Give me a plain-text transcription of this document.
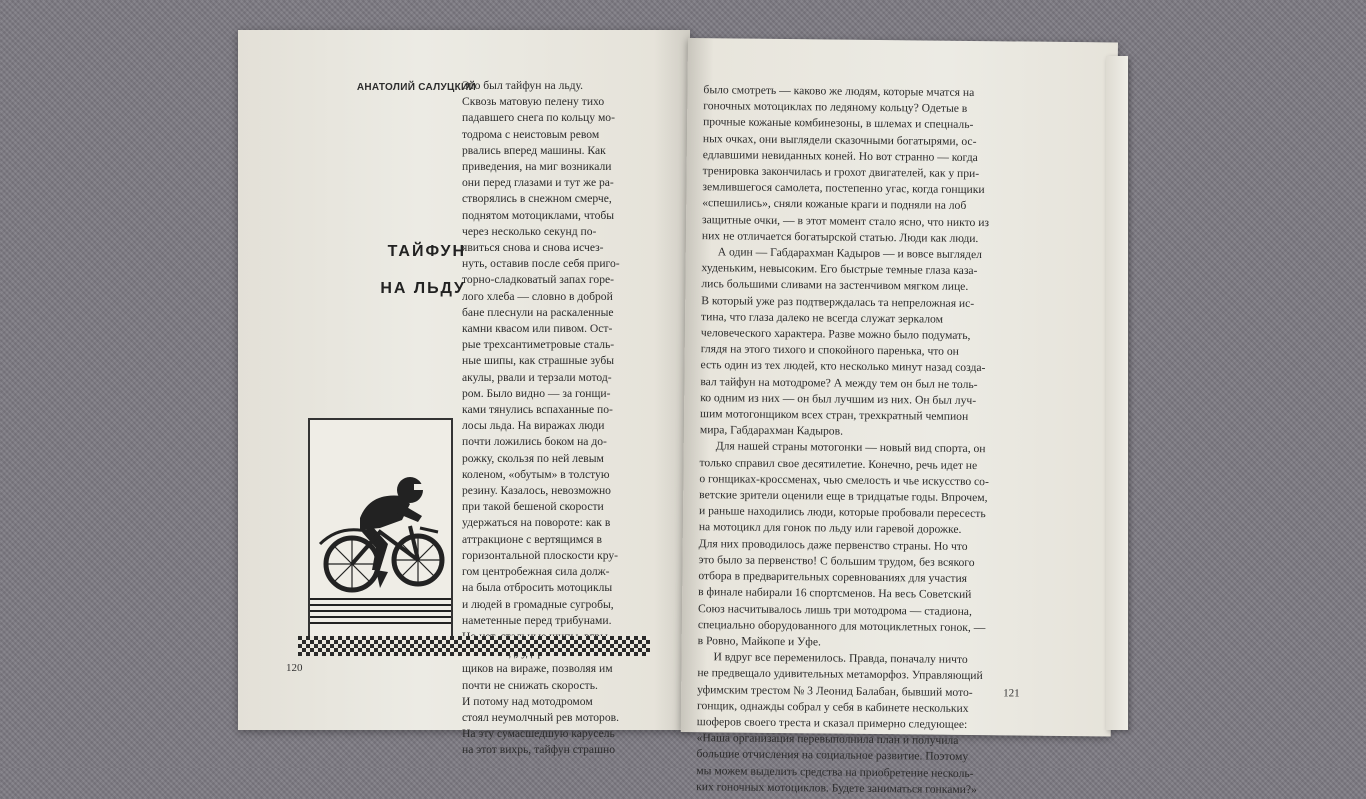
АНАТОЛИЙ САЛУЦКИЙ
ТАЙФУН
НА ЛЬДУ
Это был тайфун на льду.
Сквозь матовую пелену тихо
падавшего снега по кольцу мо-
тодрома с неистовым ревом
рвались вперед машины. Как
приведения, на миг возникали
они перед глазами и тут же ра-
створялись в снежном смерче,
поднятом мотоциклами, чтобы
через несколько секунд по-
явиться снова и снова исчез-
нуть, оставив после себя приго-
торно-сладковатый запах горе-
лого хлеба — словно в доброй
бане плеснули на раскаленные
камни квасом или пивом. Ост-
рые трехсантиметровые сталь-
ные шипы, как страшные зубы
акулы, рвали и терзали мотод-
ром. Было видно — за гонщи-
ками тянулись вспаханные по-
лосы льда. На виражах люди
почти ложились боком на до-
рожку, скользя по ней левым
коленом, «обутым» в толстую
резину. Казалось, невозможно
при такой бешеной скорости
удержаться на повороте: как в
аттракционе с вертящимся в
горизонтальной плоскости кру-
гом центробежная сила долж-
на была отбросить мотоциклы
и людей в громадные сугробы,
наметенные перед трибунами.
щиков на вираже, позволяя им
почти не снижать скорость.
И потому над мотодромом
стоял неумолчный рев моторов.
На эту сумасшедшую карусель
на этот вихрь, тайфун страшно
120
было смотреть — каково же людям, которые мчатся на
гоночных мотоциклах по ледяному кольцу? Одетые в
прочные кожаные комбинезоны, в шлемах и спецналь-
ных очках, они выглядели сказочными богатырями, ос-
едлавшими невиданных коней. Но вот странно — когда
тренировка закончилась и грохот двигателей, как у при-
землившегося самолета, постепенно угас, когда гонщики
«спешились», сняли кожаные краги и подняли на лоб
защитные очки, — в этот момент стало ясно, что никто из
них не отличается богатырской статью. Люди как люди.
А один — Габдарахман Кадыров — и вовсе выглядел
худеньким, невысоким. Его быстрые темные глаза каза-
лись большими сливами на застенчивом мягком лице.
В который уже раз подтверждалась та непреложная ис-
тина, что глаза далеко не всегда служат зеркалом
человеческого характера. Разве можно было подумать,
глядя на этого тихого и спокойного паренька, что он
есть один из тех людей, кто несколько минут назад созда-
вал тайфун на мотодроме? А между тем он был не толь-
ко одним из них — он был лучшим из них. Он был луч-
шим мотогонщиком всех стран, трехкратный чемпион
мира, Габдарахман Кадыров.
Для нашей страны мотогонки — новый вид спорта, он
только справил свое десятилетие. Конечно, речь идет не
о гонщиках-кроссменах, чью смелость и чье искусство со-
ветские зрители оценили еще в тридцатые годы. Впрочем,
и раньше находились люди, которые пробовали пересесть
на мотоцикл для гонок по льду или гаревой дорожке.
Для них проводилось даже первенство страны. Но что
это было за первенство! С большим трудом, без всякого
отбора в предварительных соревнованиях для участия
в финале набирали 16 спортсменов. На весь Советский
Союз насчитывалось лишь три мотодрома — стадиона,
специально оборудованного для мотоциклетных гонок, —
в Ровно, Майкопе и Уфе.
И вдруг все переменилось. Правда, поначалу ничто
не предвещало удивительных метаморфоз. Управляющий
уфимским трестом № 3 Леонид Балабан, бывший мото-
гонщик, однажды собрал у себя в кабинете нескольких
шоферов своего треста и сказал примерно следующее:
«Наша организация перевыполнила план и получила
большие отчисления на социальное развитие. Поэтому
мы можем выделить средства на приобретение несколь-
ких гоночных мотоциклов. Будете заниматься гонками?»
121
